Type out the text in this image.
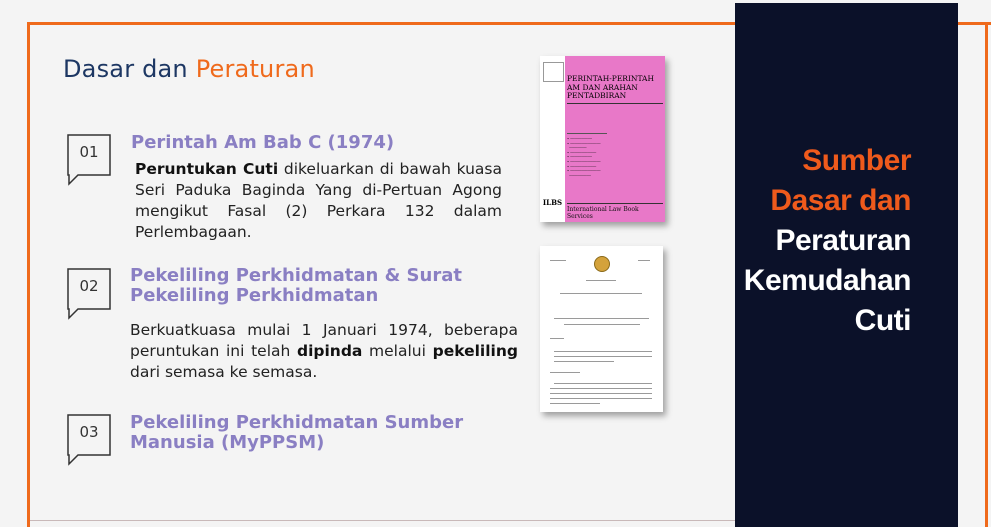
Dasar dan Peraturan
01	Perintah Am Bab C (1974)
Peruntukan Cuti dikeluarkan di bawah kuasa Seri Paduka Baginda Yang di-Pertuan Agong mengikut Fasal (2) Perkara 132 dalam Perlembagaan.
02	Pekeliling Perkhidmatan & Surat
Pekeliling Perkhidmatan
Berkuatkuasa mulai 1 Januari 1974, beberapa peruntukan ini telah dipinda melalui pekeliling dari semasa ke semasa.
03	Pekeliling Perkhidmatan Sumber
Manusia (MyPPSM)
ILBS
PERINTAH-PERINTAH AM DAN ARAHAN PENTADBIRAN
• ──────────
• ──────────────
────────
• ────────────
• ──────────
• ──────────────
• ────────────
• ──────────────
──────────
International Law Book Services
Sumber
Dasar dan
Peraturan
Kemudahan
Cuti
